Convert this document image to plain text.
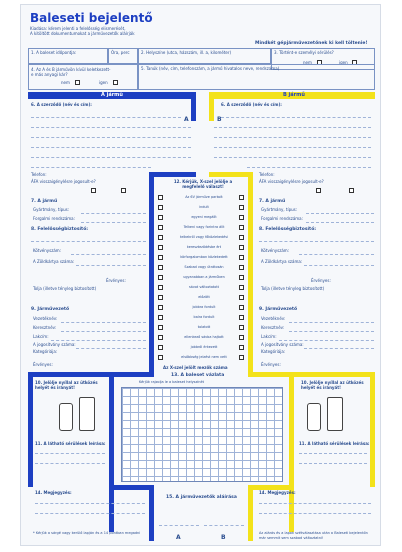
Baleseti bejelentő
Kiadása: kérem jelenti a felelősség elismerését,
A kitöltött dokumentumokat a járművezetők aláírják
Mindkét gépjárművezetőnek ki kell töltenie!
1. A baleset időpontja:	Óra, perc	2. Helyszíne (utca, házszám, ill. a, kilométer)	3. Történt-e személyi sérülés?
nem	igen
4. Az A és B járművön kívül keletkezett-e más anyagi kár?
nem	igen
5. Tanúk (név, cím, telefonszám, a jármű hivatalos neve, rendszáma)
A jármű	B jármű
A	B
6. A szerződő (név és cím):	6. A szerződő (név és cím):
12. Kérjük, X-szel jelölje a megfelelő választ!
Az X-szel jelölt mezők száma
Telefon:
ÁFA visszaigénylésre jogosult-e?
7. A jármű
Gyártmány, típus:
Forgalmi rendszáma:
8. Felelősségbiztosító:
Kötvényszám:
A Zöldkártya száma:
Érvényes:
Tolja (illetve tényleg biztosított)
9. Járművezető
Vezetéknév:
Keresztnév:
Lakcím:
A jogosítvány száma:
Kategóriája:
Érvényes:
Telefon:
ÁFA visszaigénylésre jogosult-e?
7. A jármű
Gyártmány, típus:
Forgalmi rendszáma:
8. Felelősségbiztosító:
Kötvényszám:
A Zöldkártya száma:
Érvényes:
Tolja (illetve tényleg biztosított)
9. Járművezető
Vezetéknév:
Keresztnév:
Lakcím:
A jogosítvány száma:
Kategóriája:
Érvényes:
13. A baleset vázlata
Kérjük rajzolja le a baleset helyszínét
15. A járművezetők aláírása
A	B
10. Jelölje nyíllal az ütközés helyét és irányát!
11. A látható sérülések leírása:
14. Megjegyzés:
* Kérjük a sárgé vagy kerülő lapján és a 14 pontban megadni
10. Jelölje nyíllal az ütközés helyét és irányát!
11. A látható sérülések leírása:
14. Megjegyzés:
Az alárás és a lapok szétválasztása után a Baleseti bejelentőn már semmit sem szabad változtatni!
Az 6V járműve parkolt
indult
egyeni megállt
Telkeni vagy forintra állt
telkekről vagy főközlekedési
kereszteződésbe ért
körforgalomban közlekedett
Szabad vagy útrátosán
ugyanabban a járműben
sávot változtatott
előzött
jobbra fordult
balra fordult
tolatott
ellenkező sávba hajtott
jobbról érkezett
elsőbbség jelzést nem vett
